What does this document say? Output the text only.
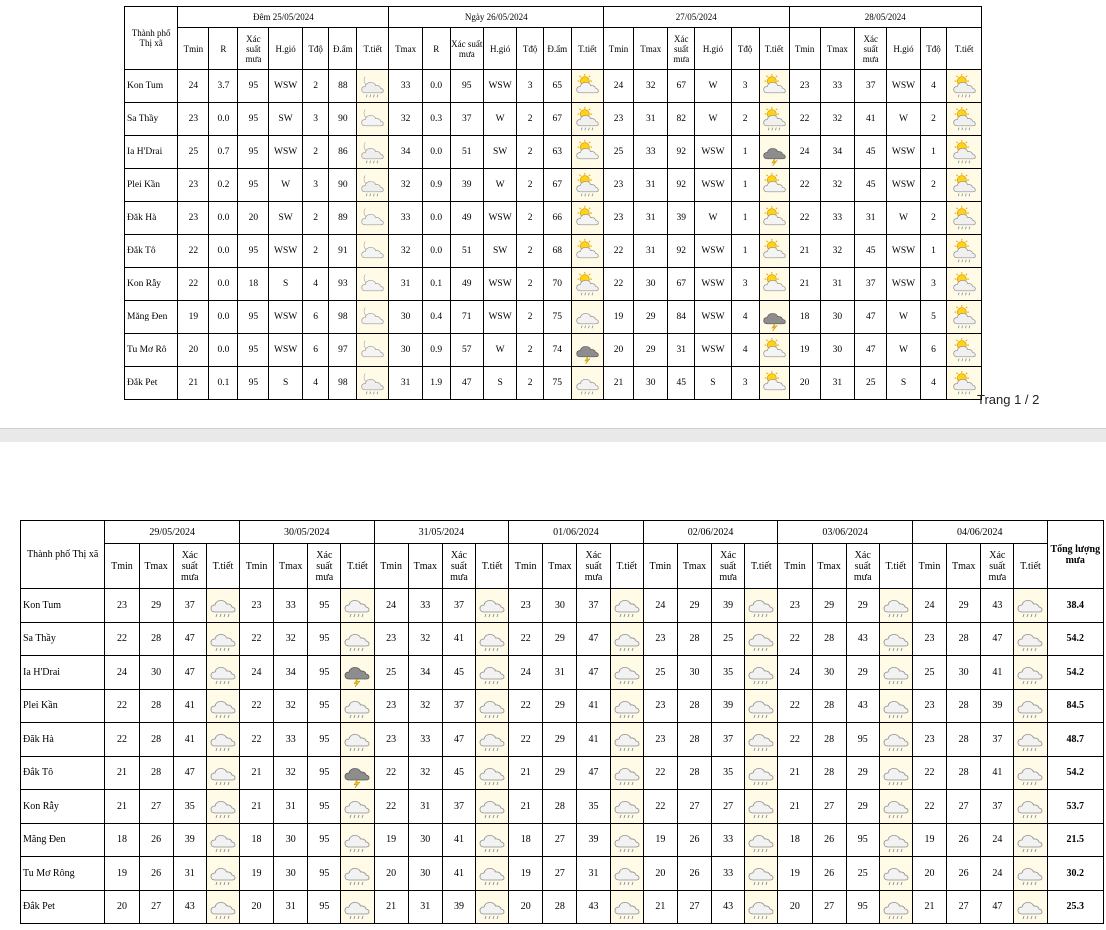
Thành phố Thị xã	Đêm 25/05/2024							Ngày 26/05/2024							27/05/2024						28/05/2024					
	Tmin	R	Xác suất mưa	H.gió	Tđộ	Đ.ẩm	T.tiết	Tmax	R	Xác suất mưa	H.gió	Tđộ	Đ.ẩm	T.tiết	Tmin	Tmax	Xác suất mưa	H.gió	Tđộ	T.tiết	Tmin	Tmax	Xác suất mưa	H.gió	Tđộ	T.tiết
Kon Tum	24	3.7	95	WSW	2	88		33	0.0	95	WSW	3	65		24	32	67	W	3		23	33	37	WSW	4	

Sa Thầy	23	0.0	95	SW	3	90		32	0.3	37	W	2	67		23	31	82	W	2		22	32	41	W	2	

Ia H'Drai	25	0.7	95	WSW	2	86		34	0.0	51	SW	2	63		25	33	92	WSW	1		24	34	45	WSW	1	

Plei Kần	23	0.2	95	W	3	90		32	0.9	39	W	2	67		23	31	92	WSW	1		22	32	45	WSW	2	

Đăk Hà	23	0.0	20	SW	2	89		33	0.0	49	WSW	2	66		23	31	39	W	1		22	33	31	W	2	

Đắk Tô	22	0.0	95	WSW	2	91		32	0.0	51	SW	2	68		22	31	92	WSW	1		21	32	45	WSW	1	

Kon Rẫy	22	0.0	18	S	4	93		31	0.1	49	WSW	2	70		22	30	67	WSW	3		21	31	37	WSW	3	

Măng Đen	19	0.0	95	WSW	6	98		30	0.4	71	WSW	2	75		19	29	84	WSW	4		18	30	47	W	5	

Tu Mơ Rô	20	0.0	95	WSW	6	97		30	0.9	57	W	2	74		20	29	31	WSW	4		19	30	47	W	6	

Đắk Pet	21	0.1	95	S	4	98		31	1.9	47	S	2	75		21	30	45	S	3		20	31	25	S	4	
Trang 1 / 2
Thành phố Thị xã	29/05/2024				30/05/2024				31/05/2024				01/06/2024				02/06/2024				03/06/2024				04/06/2024				Tổng lượng mưa
	Tmin	Tmax	Xác suất mưa	T.tiết	Tmin	Tmax	Xác suất mưa	T.tiết	Tmin	Tmax	Xác suất mưa	T.tiết	Tmin	Tmax	Xác suất mưa	T.tiết	Tmin	Tmax	Xác suất mưa	T.tiết	Tmin	Tmax	Xác suất mưa	T.tiết	Tmin	Tmax	Xác suất mưa	T.tiết	
Kon Tum	23	29	37		23	33	95		24	33	37		23	30	37		24	29	39		23	29	29		24	29	43		38.4
Sa Thầy	22	28	47		22	32	95		23	32	41		22	29	47		23	28	25		22	28	43		23	28	47		54.2
Ia H'Drai	24	30	47		24	34	95		25	34	45		24	31	47		25	30	35		24	30	29		25	30	41		54.2
Plei Kần	22	28	41		22	32	95		23	32	37		22	29	41		23	28	39		22	28	43		23	28	39		84.5
Đăk Hà	22	28	41		22	33	95		23	33	47		22	29	41		23	28	37		22	28	95		23	28	37		48.7
Đắk Tô	21	28	47		21	32	95		22	32	45		21	29	47		22	28	35		21	28	29		22	28	41		54.2
Kon Rẫy	21	27	35		21	31	95		22	31	37		21	28	35		22	27	27		21	27	29		22	27	37		53.7
Măng Đen	18	26	39		18	30	95		19	30	41		18	27	39		19	26	33		18	26	95		19	26	24		21.5
Tu Mơ Rông	19	26	31		19	30	95		20	30	41		19	27	31		20	26	33		19	26	25		20	26	24		30.2
Đắk Pet	20	27	43		20	31	95		21	31	39		20	28	43		21	27	43		20	27	95		21	27	47		25.3
